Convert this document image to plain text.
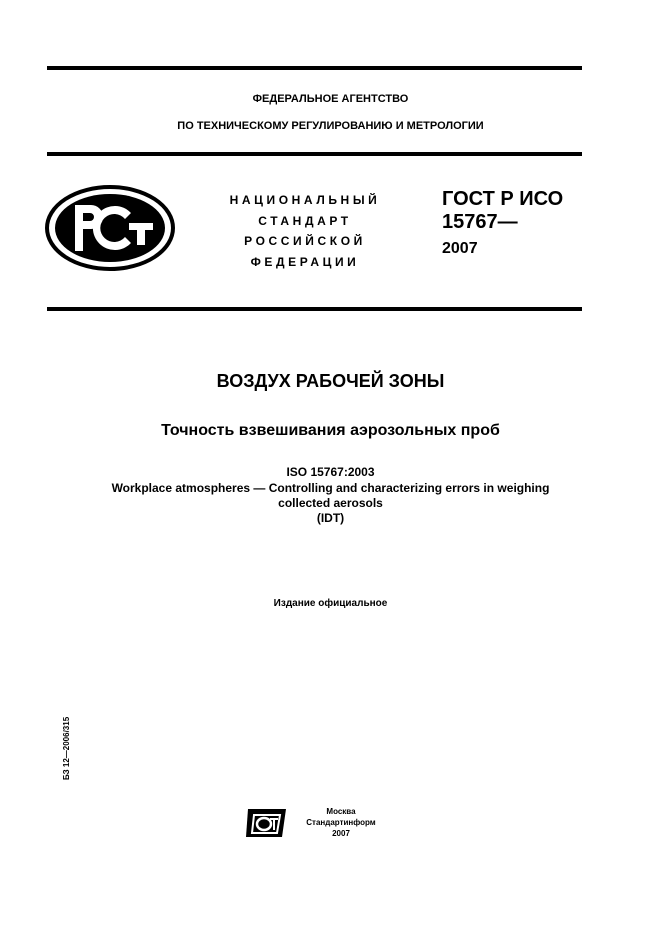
ФЕДЕРАЛЬНОЕ АГЕНТСТВО
ПО ТЕХНИЧЕСКОМУ РЕГУЛИРОВАНИЮ И МЕТРОЛОГИИ
НАЦИОНАЛЬНЫЙ
СТАНДАРТ
РОССИЙСКОЙ
ФЕДЕРАЦИИ
ГОСТ Р ИСО
15767—
2007
ВОЗДУХ РАБОЧЕЙ ЗОНЫ
Точность взвешивания аэрозольных проб
ISO 15767:2003
Workplace atmospheres — Controlling and characterizing errors in weighing
collected aerosols
(IDT)
Издание официальное
БЗ 12—2006/315
Москва
Стандартинформ
2007
